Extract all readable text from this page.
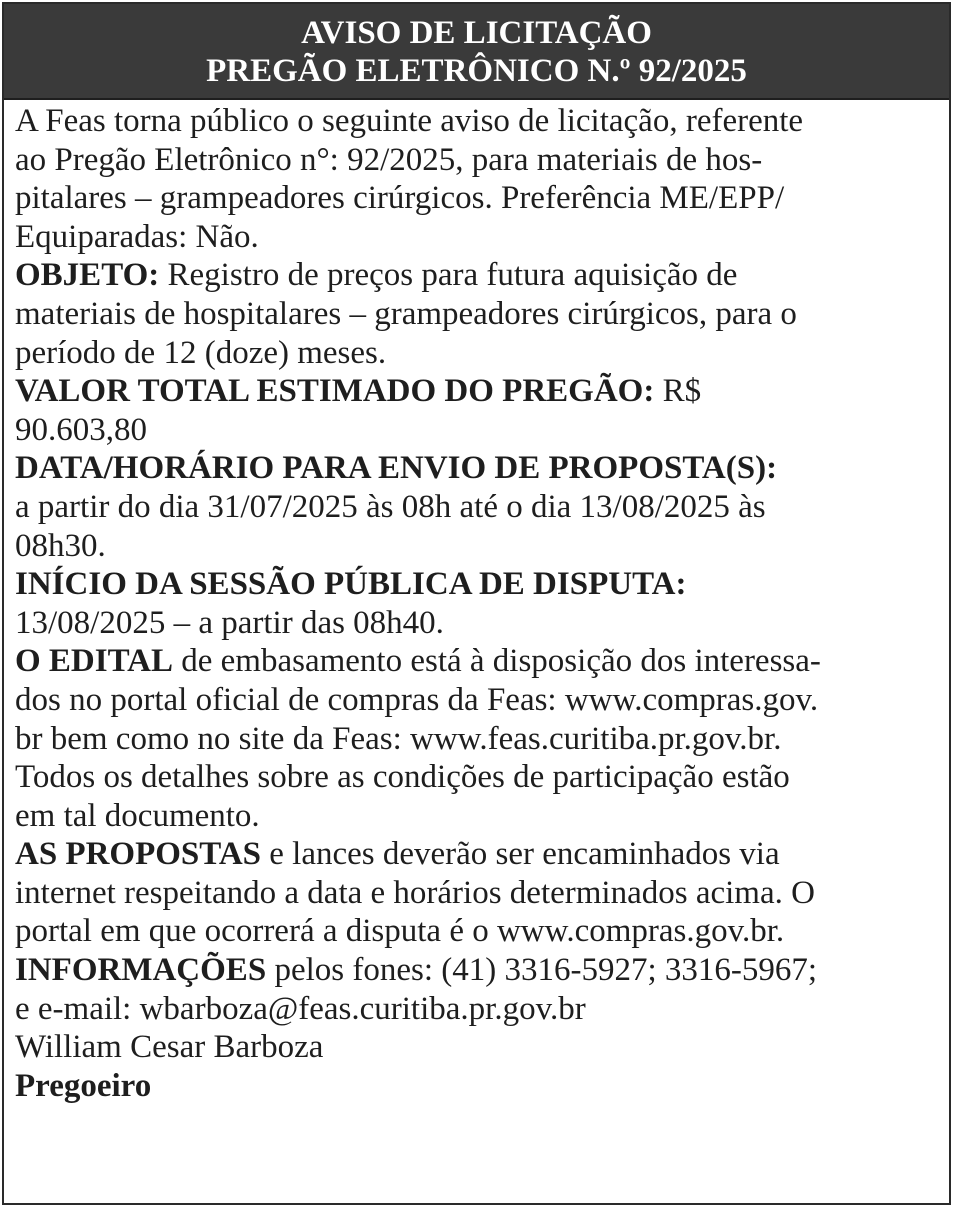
AVISO DE LICITAÇÃO
PREGÃO ELETRÔNICO N.º 92/2025

A Feas torna público o seguinte aviso de licitação, referente
ao Pregão Eletrônico n°: 92/2025, para materiais de hos-
pitalares – grampeadores cirúrgicos. Preferência ME/EPP/
Equiparadas: Não.

OBJETO: Registro de preços para futura aquisição de
materiais de hospitalares – grampeadores cirúrgicos, para o
período de 12 (doze) meses.

VALOR TOTAL ESTIMADO DO PREGÃO: R$
90.603,80

DATA/HORÁRIO PARA ENVIO DE PROPOSTA(S):
a partir do dia 31/07/2025 às 08h até o dia 13/08/2025 às
08h30.

INÍCIO DA SESSÃO PÚBLICA DE DISPUTA:
13/08/2025 – a partir das 08h40.

O EDITAL de embasamento está à disposição dos interessa-
dos no portal oficial de compras da Feas: www.compras.gov.
br bem como no site da Feas: www.feas.curitiba.pr.gov.br.
Todos os detalhes sobre as condições de participação estão
em tal documento.

AS PROPOSTAS e lances deverão ser encaminhados via
internet respeitando a data e horários determinados acima. O
portal em que ocorrerá a disputa é o www.compras.gov.br.

INFORMAÇÕES pelos fones: (41) 3316-5927; 3316-5967;
e e-mail: wbarboza@feas.curitiba.pr.gov.br

William Cesar Barboza

Pregoeiro
